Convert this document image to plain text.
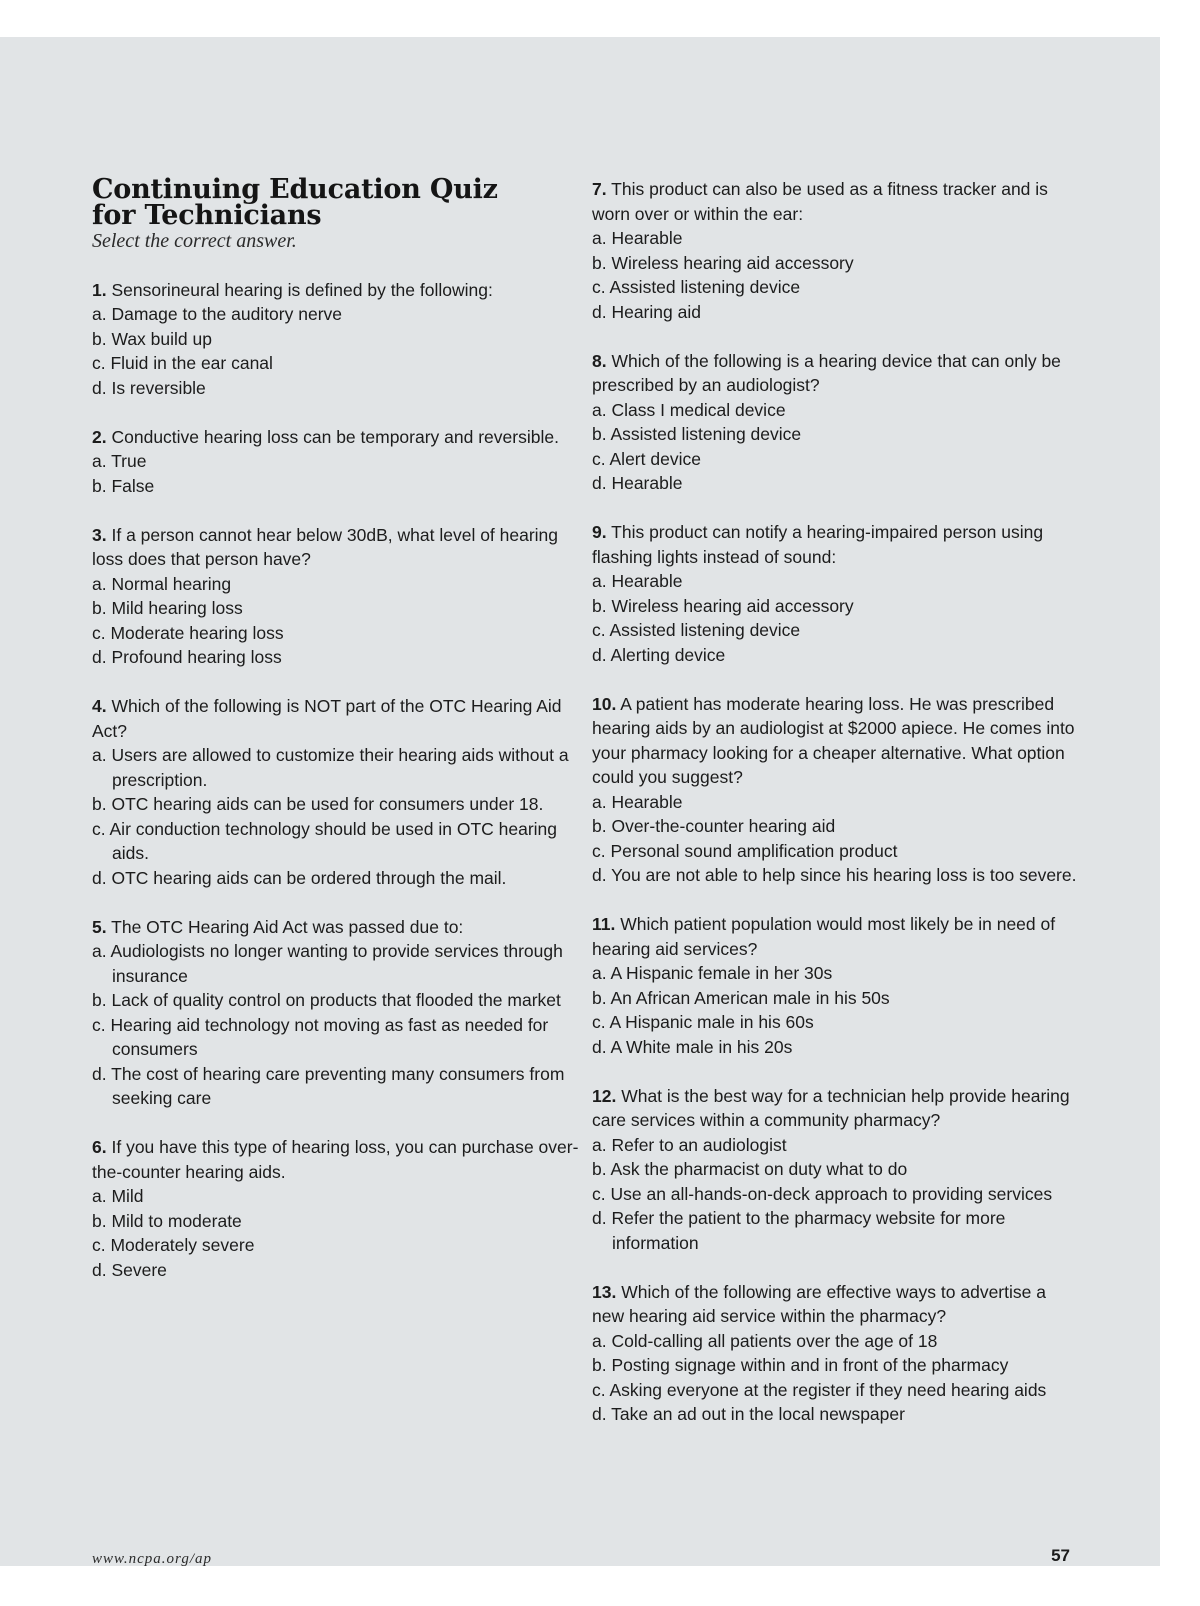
Continuing Education Quiz
for Technicians

Select the correct answer.

1. Sensorineural hearing is defined by the following:

a. Damage to the auditory nerve
b. Wax build up
c. Fluid in the ear canal
d. Is reversible

2. Conductive hearing loss can be temporary and reversible.

a. True
b. False

3. If a person cannot hear below 30dB, what level of hearing loss does that person have?

a. Normal hearing
b. Mild hearing loss
c. Moderate hearing loss
d. Profound hearing loss

4. Which of the following is NOT part of the OTC Hearing Aid Act?

a. Users are allowed to customize their hearing aids without a prescription.
b. OTC hearing aids can be used for consumers under 18.
c. Air conduction technology should be used in OTC hearing aids.
d. OTC hearing aids can be ordered through the mail.

5. The OTC Hearing Aid Act was passed due to:

a. Audiologists no longer wanting to provide services through insurance
b. Lack of quality control on products that flooded the market
c. Hearing aid technology not moving as fast as needed for consumers
d. The cost of hearing care preventing many consumers from seeking care

6. If you have this type of hearing loss, you can purchase over-the-counter hearing aids.

a. Mild
b. Mild to moderate
c. Moderately severe
d. Severe

7. This product can also be used as a fitness tracker and is worn over or within the ear:

a. Hearable
b. Wireless hearing aid accessory
c. Assisted listening device
d. Hearing aid

8. Which of the following is a hearing device that can only be prescribed by an audiologist?

a. Class I medical device
b. Assisted listening device
c. Alert device
d. Hearable

9. This product can notify a hearing-impaired person using flashing lights instead of sound:

a. Hearable
b. Wireless hearing aid accessory
c. Assisted listening device
d. Alerting device

10. A patient has moderate hearing loss. He was prescribed hearing aids by an audiologist at $2000 apiece. He comes into your pharmacy looking for a cheaper alternative. What option could you suggest?

a. Hearable
b. Over-the-counter hearing aid
c. Personal sound amplification product
d. You are not able to help since his hearing loss is too severe.

11. Which patient population would most likely be in need of hearing aid services?

a. A Hispanic female in her 30s
b. An African American male in his 50s
c. A Hispanic male in his 60s
d. A White male in his 20s

12. What is the best way for a technician help provide hearing care services within a community pharmacy?

a. Refer to an audiologist
b. Ask the pharmacist on duty what to do
c. Use an all-hands-on-deck approach to providing services
d. Refer the patient to the pharmacy website for more information

13. Which of the following are effective ways to advertise a new hearing aid service within the pharmacy?

a. Cold-calling all patients over the age of 18
b. Posting signage within and in front of the pharmacy
c. Asking everyone at the register if they need hearing aids
d. Take an ad out in the local newspaper
www.ncpa.org/ap	57
